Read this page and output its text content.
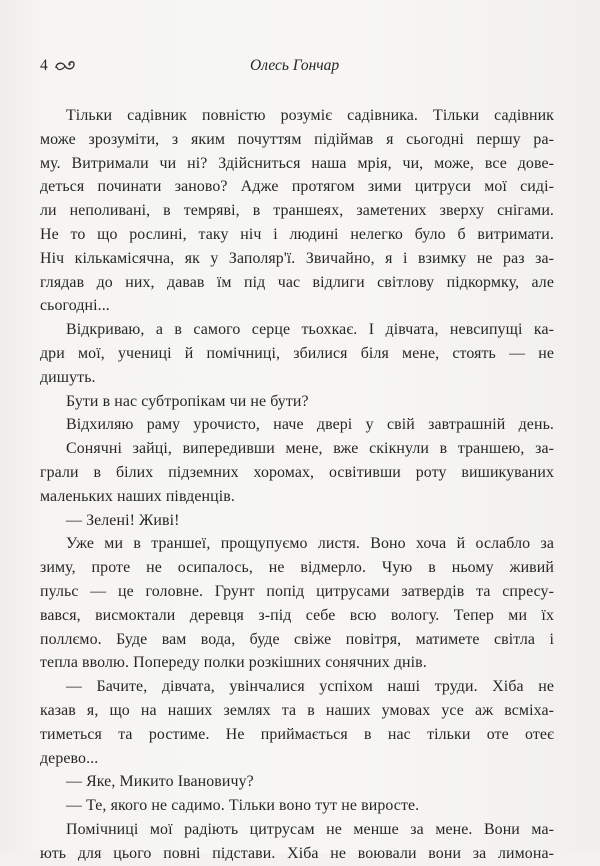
4	Олесь Гончар
Тільки садівник повністю розуміє садівника. Тільки садівник
може зрозуміти, з яким почуттям підіймав я сьогодні першу ра-
му. Витримали чи ні? Здійсниться наша мрія, чи, може, все дове-
деться починати заново? Адже протягом зими цитруси мої сиді-
ли неполивані, в темряві, в траншеях, заметених зверху снігами.
Не то що рослині, таку ніч і людині нелегко було б витримати.
Ніч кількамісячна, як у Заполяр'ї. Звичайно, я і взимку не раз за-
глядав до них, давав їм під час відлиги світлову підкормку, але
сьогодні...
Відкриваю, а в самого серце тьохкає. І дівчата, невсипущі ка-
дри мої, учениці й помічниці, збилися біля мене, стоять — не
дишуть.
Бути в нас субтропікам чи не бути?
Відхиляю раму урочисто, наче двері у свій завтрашній день.
Сонячні зайці, випередивши мене, вже скікнули в траншею, за-
грали в білих підземних хоромах, освітивши роту вишикуваних
маленьких наших південців.
— Зелені! Живі!
Уже ми в траншеї, прощупуємо листя. Воно хоча й ослабло за
зиму, проте не осипалось, не відмерло. Чую в ньому живий
пульс — це головне. Грунт попід цитрусами затвердів та спресу-
вався, висмоктали деревця з-під себе всю вологу. Тепер ми їх
поллємо. Буде вам вода, буде свіже повітря, матимете світла і
тепла вволю. Попереду полки розкішних сонячних днів.
— Бачите, дівчата, увінчалися успіхом наші труди. Хіба не
казав я, що на наших землях та в наших умовах усе аж всміха-
тиметься та ростиме. Не приймається в нас тільки оте отеє
дерево...
— Яке, Микито Івановичу?
— Те, якого не садимо. Тільки воно тут не виросте.
Помічниці мої радіють цитрусам не менше за мене. Вони ма-
ють для цього повні підстави. Хіба не воювали вони за лимона-
